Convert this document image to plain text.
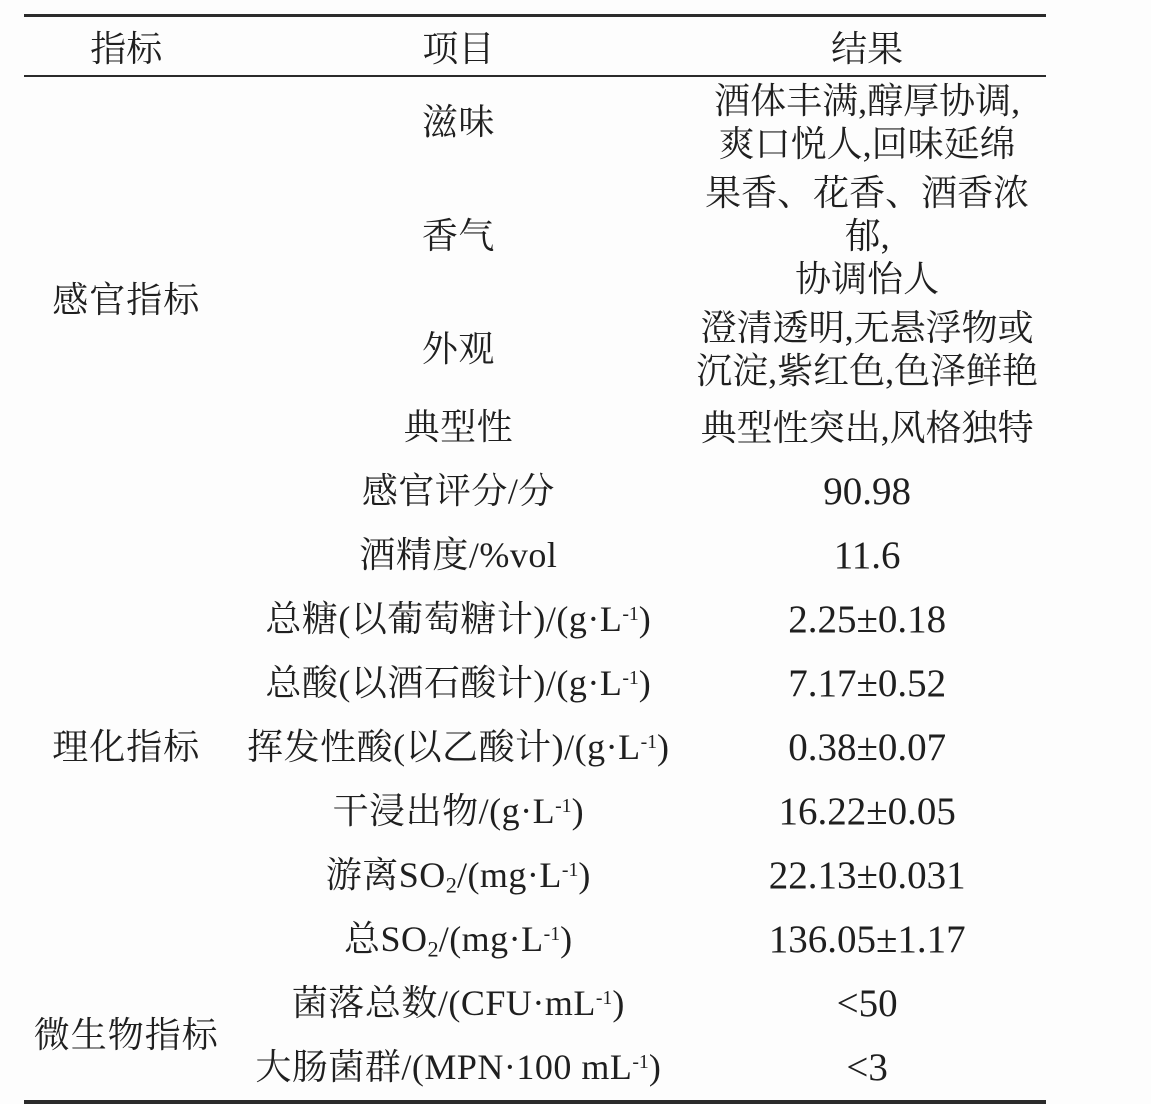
指标	项目	结果
感官指标	滋味	酒体丰满,醇厚协调,
爽口悦人,回味延绵

	香气	果香、花香、酒香浓郁,
协调怡人

	外观	澄清透明,无悬浮物或
沉淀,紫红色,色泽鲜艳

	典型性	典型性突出,风格独特

	感官评分/分	90.98

理化指标	酒精度/%vol	11.6

	总糖(以葡萄糖计)$/(g\cdot L^{-1})$	2.25±0.18

	总酸(以酒石酸计)$/(g\cdot L^{-1})$	7.17±0.52

	挥发性酸(以乙酸计)$/(g\cdot L^{-1})$	0.38±0.07

	干浸出物$/(g\cdot L^{-1})$	16.22±0.05

	游离$SO_2/(mg\cdot L^{-1})$	22.13±0.031

	总$SO_2/(mg\cdot L^{-1})$	136.05±1.17

微生物指标	菌落总数$/(CFU\cdot mL^{-1})$	<50

	大肠菌群/(MPN·100 $mL^{-1}$)	<3
